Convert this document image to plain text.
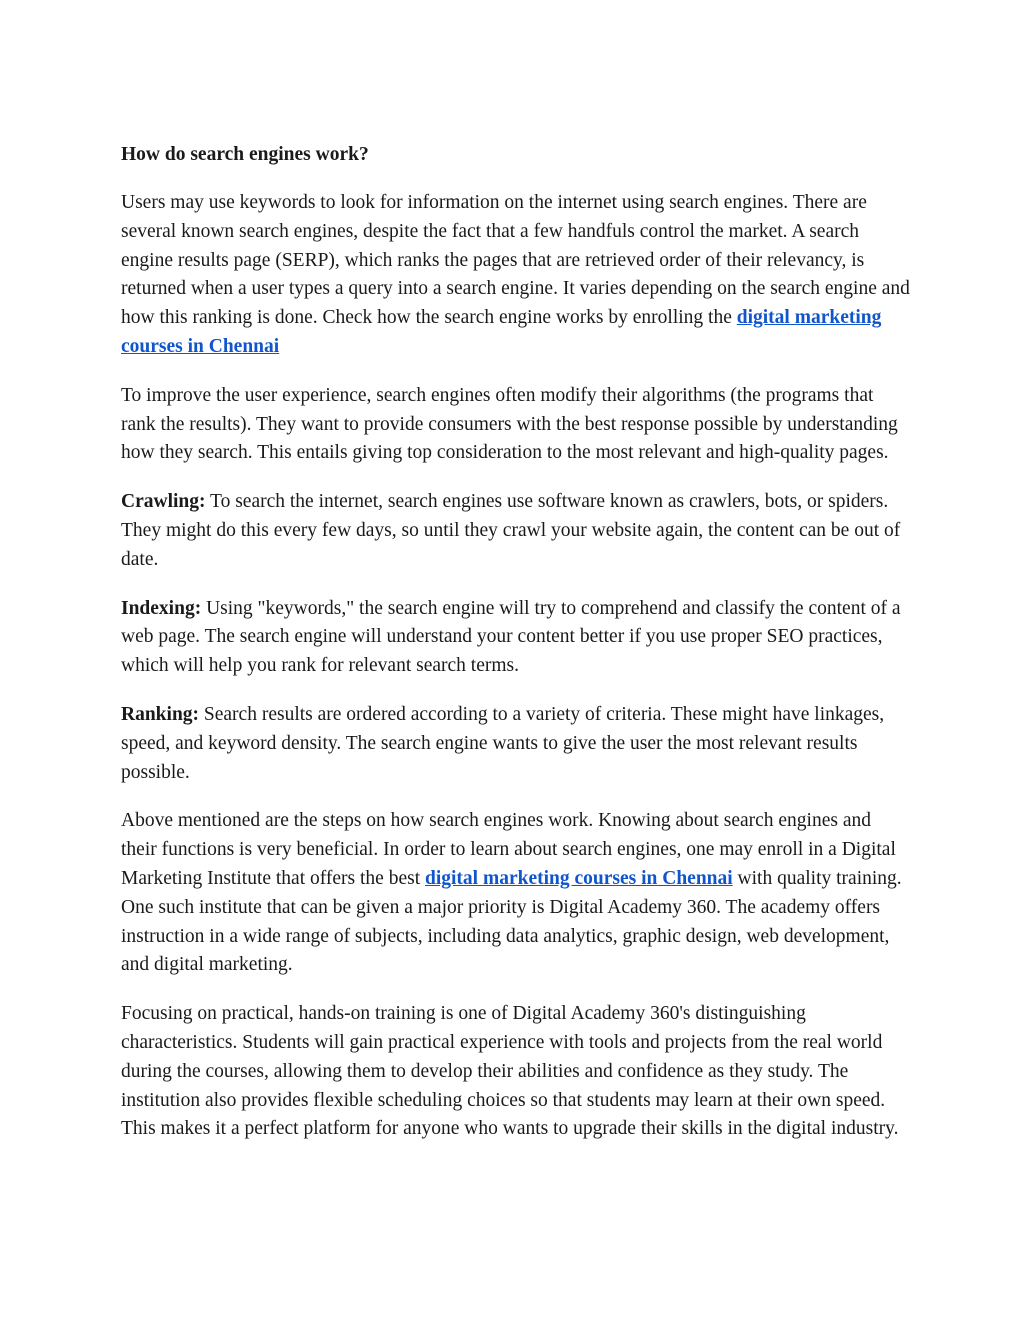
How do search engines work?

Users may use keywords to look for information on the internet using search engines. There are several known search engines, despite the fact that a few handfuls control the market. A search engine results page (SERP), which ranks the pages that are retrieved order of their relevancy, is returned when a user types a query into a search engine. It varies depending on the search engine and how this ranking is done. Check how the search engine works by enrolling the digital marketing courses in Chennai

To improve the user experience, search engines often modify their algorithms (the programs that rank the results). They want to provide consumers with the best response possible by understanding how they search. This entails giving top consideration to the most relevant and high-quality pages.

Crawling: To search the internet, search engines use software known as crawlers, bots, or spiders. They might do this every few days, so until they crawl your website again, the content can be out of date.

Indexing: Using "keywords," the search engine will try to comprehend and classify the content of a web page. The search engine will understand your content better if you use proper SEO practices, which will help you rank for relevant search terms.

Ranking: Search results are ordered according to a variety of criteria. These might have linkages, speed, and keyword density. The search engine wants to give the user the most relevant results possible.

Above mentioned are the steps on how search engines work. Knowing about search engines and their functions is very beneficial. In order to learn about search engines, one may enroll in a Digital Marketing Institute that offers the best digital marketing courses in Chennai with quality training. One such institute that can be given a major priority is Digital Academy 360. The academy offers instruction in a wide range of subjects, including data analytics, graphic design, web development, and digital marketing.

Focusing on practical, hands-on training is one of Digital Academy 360's distinguishing characteristics. Students will gain practical experience with tools and projects from the real world during the courses, allowing them to develop their abilities and confidence as they study. The institution also provides flexible scheduling choices so that students may learn at their own speed. This makes it a perfect platform for anyone who wants to upgrade their skills in the digital industry.
